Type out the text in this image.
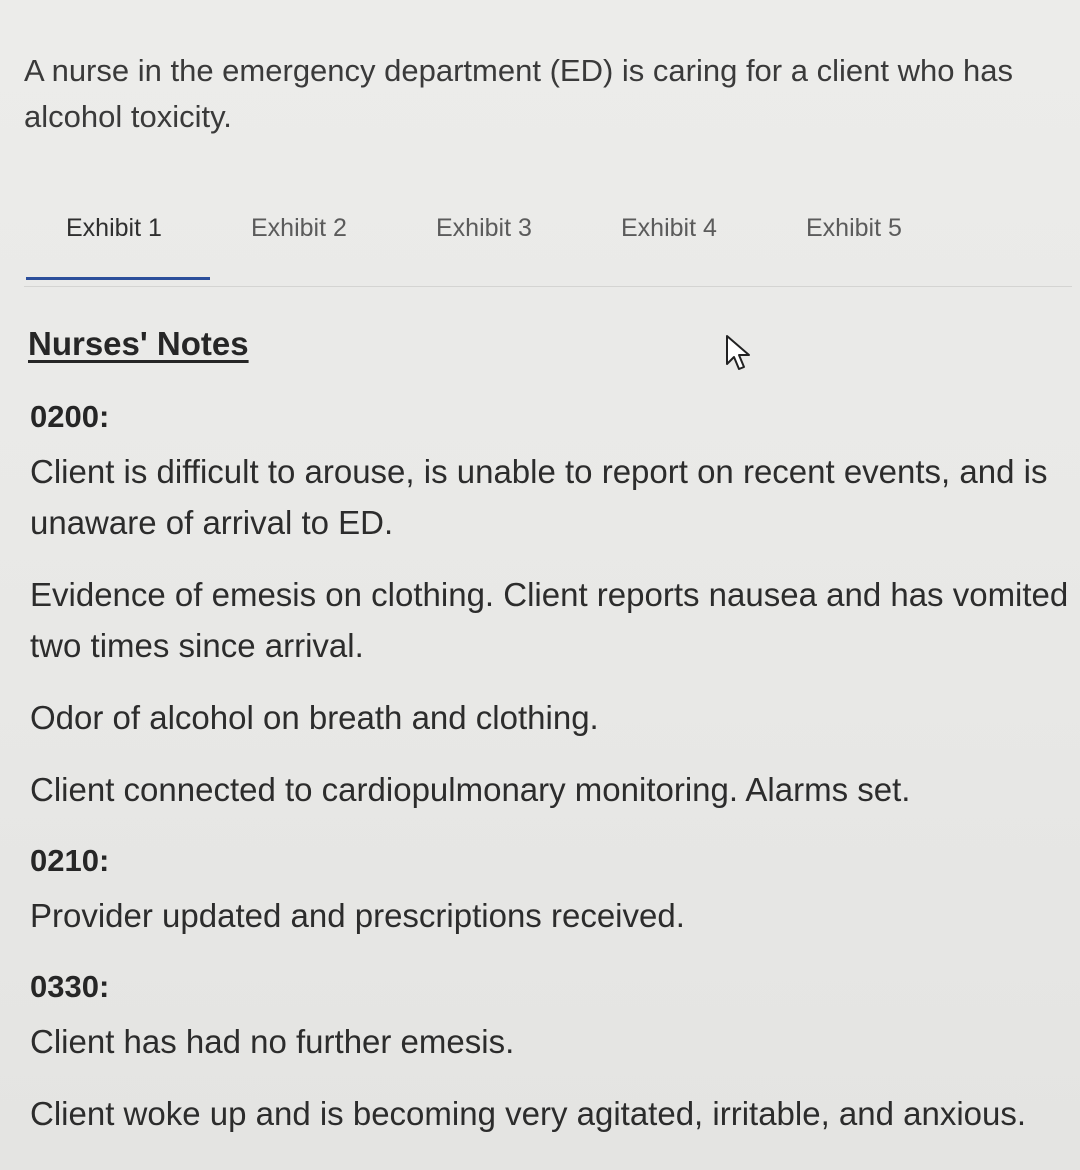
A nurse in the emergency department (ED) is caring for a client who has alcohol toxicity.

Exhibit 1	Exhibit 2	Exhibit 3	Exhibit 4	Exhibit 5
Nurses' Notes

0200:

Client is difficult to arouse, is unable to report on recent events, and is unaware of arrival to ED.

Evidence of emesis on clothing. Client reports nausea and has vomited two times since arrival.

Odor of alcohol on breath and clothing.

Client connected to cardiopulmonary monitoring. Alarms set.

0210:

Provider updated and prescriptions received.

0330:

Client has had no further emesis.

Client woke up and is becoming very agitated, irritable, and anxious.
